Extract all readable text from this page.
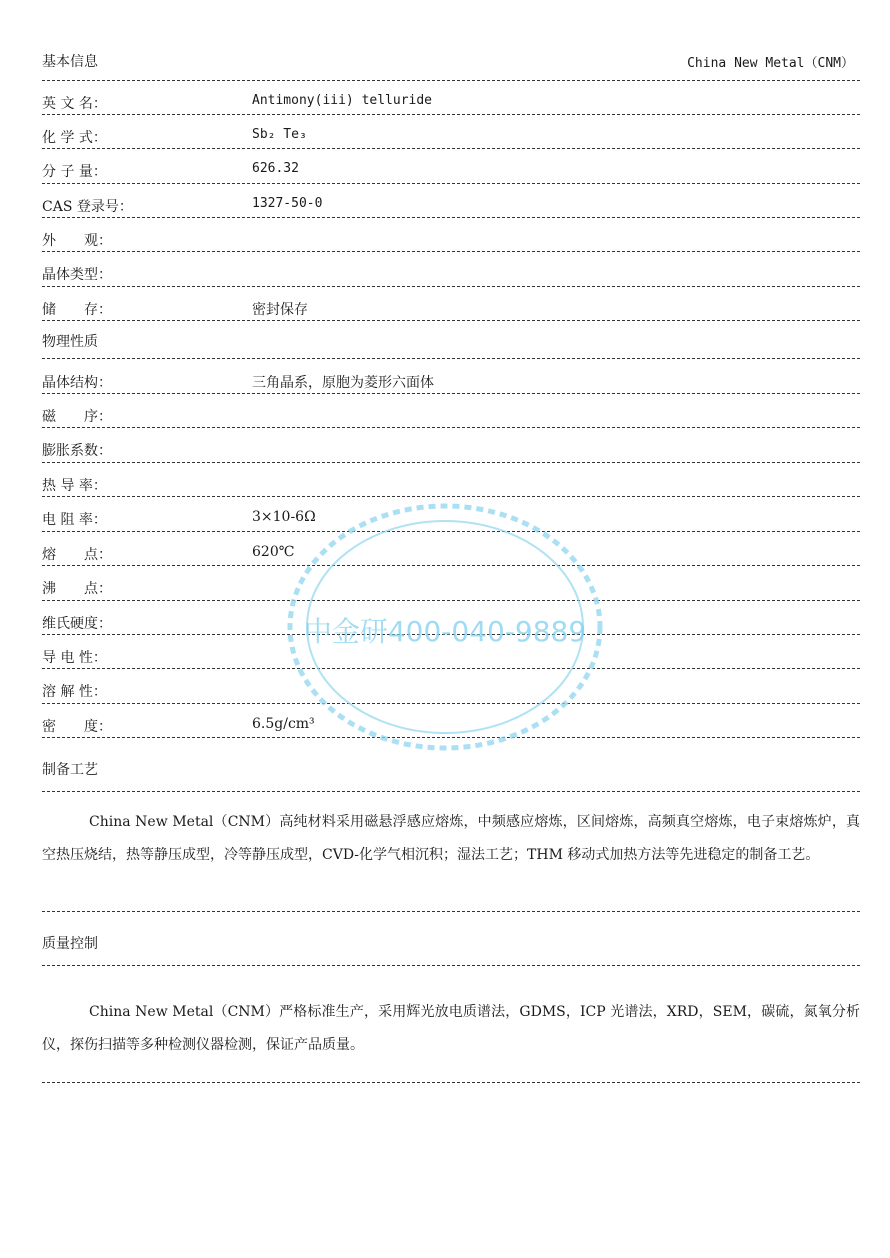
基本信息	China New Metal（CNM）
英 文 名：	Antimony(iii) telluride
化 学 式：	Sb₂ Te₃
分 子 量：	626.32
CAS 登录号：	1327-50-0
外　　观：
晶体类型：
储　　存：	密封保存
物理性质
晶体结构：	三角晶系，原胞为菱形六面体
磁　　序：
膨胀系数：
热 导 率：
电 阻 率：	3×10-6Ω
熔　　点：	620℃
沸　　点：
维氏硬度：
导 电 性：
溶 解 性：
密　　度：	6.5g/cm³
制备工艺
China New Metal（CNM）高纯材料采用磁悬浮感应熔炼，中频感应熔炼，区间熔炼，高频真空熔炼，电子束熔炼炉，真空热压烧结，热等静压成型，冷等静压成型，CVD-化学气相沉积；湿法工艺；THM 移动式加热方法等先进稳定的制备工艺。
质量控制
China New Metal（CNM）严格标准生产，采用辉光放电质谱法，GDMS，ICP 光谱法，XRD，SEM，碳硫，氮氧分析仪，探伤扫描等多种检测仪器检测，保证产品质量。
中金研400-040-9889
